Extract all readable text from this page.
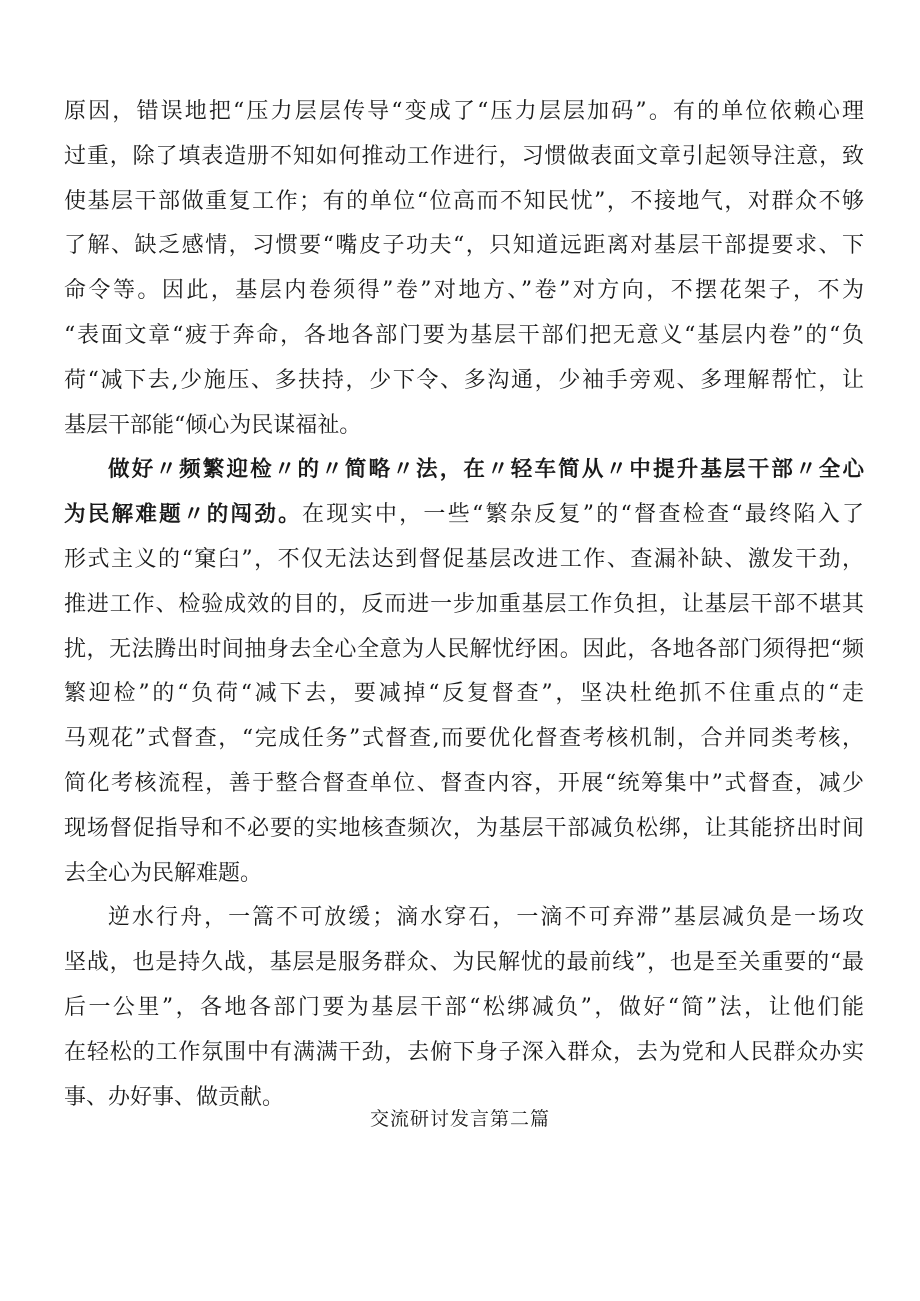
原因，错误地把“压力层层传导“变成了“压力层层加码”。有的单位依赖心理
过重，除了填表造册不知如何推动工作进行，习惯做表面文章引起领导注意，致
使基层干部做重复工作；有的单位“位高而不知民忧”，不接地气，对群众不够
了解、缺乏感情，习惯要“嘴皮子功夫“，只知道远距离对基层干部提要求、下
命令等。因此，基层内卷须得”卷”对地方、”卷”对方向，不摆花架子，不为
“表面文章“疲于奔命，各地各部门要为基层干部们把无意义“基层内卷”的“负
荷“减下去,少施压、多扶持，少下令、多沟通，少袖手旁观、多理解帮忙，让
基层干部能“倾心为民谋福祉。
做好〃频繁迎检〃的〃简略〃法，在〃轻车简从〃中提升基层干部〃全心
为民解难题〃的闯劲。在现实中，一些“繁杂反复”的“督查检查“最终陷入了
形式主义的“窠臼”，不仅无法达到督促基层改进工作、查漏补缺、激发干劲，
推进工作、检验成效的目的，反而进一步加重基层工作负担，让基层干部不堪其
扰，无法腾出时间抽身去全心全意为人民解忧纾困。因此，各地各部门须得把“频
繁迎检”的“负荷“减下去，要减掉“反复督查”，坚决杜绝抓不住重点的“走
马观花”式督查，“完成任务”式督查,而要优化督查考核机制，合并同类考核，
简化考核流程，善于整合督查单位、督查内容，开展“统筹集中”式督查，减少
现场督促指导和不必要的实地核查频次，为基层干部减负松绑，让其能挤出时间
去全心为民解难题。
逆水行舟，一篙不可放缓；滴水穿石，一滴不可弃滞”基层减负是一场攻
坚战，也是持久战，基层是服务群众、为民解忧的最前线”，也是至关重要的“最
后一公里”，各地各部门要为基层干部“松绑减负”，做好“简”法，让他们能
在轻松的工作氛围中有满满干劲，去俯下身子深入群众，去为党和人民群众办实
事、办好事、做贡献。
交流研讨发言第二篇
